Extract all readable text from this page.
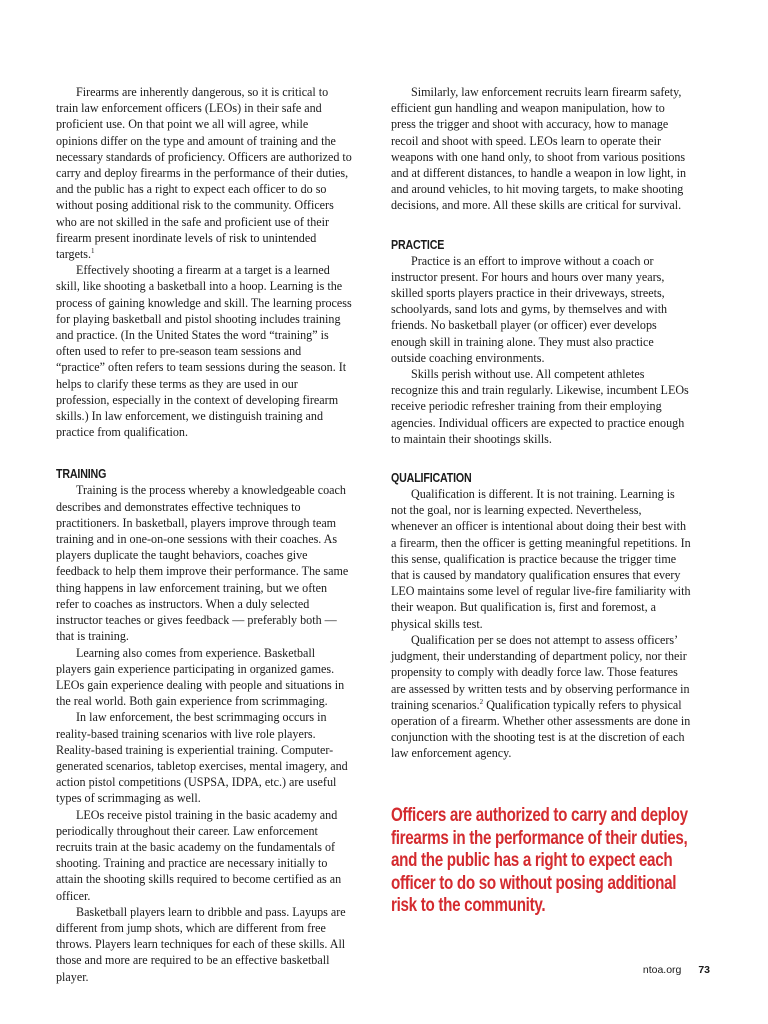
Firearms are inherently dangerous, so it is critical to train law enforcement officers (LEOs) in their safe and proficient use. On that point we all will agree, while opinions differ on the type and amount of training and the necessary standards of proficiency. Officers are authorized to carry and deploy firearms in the performance of their duties, and the public has a right to expect each officer to do so without posing additional risk to the community. Officers who are not skilled in the safe and proficient use of their firearm present inordinate levels of risk to unintended targets.$^1$

Effectively shooting a firearm at a target is a learned skill, like shooting a basketball into a hoop. Learning is the process of gaining knowledge and skill. The learning process for playing basketball and pistol shooting includes training and practice. (In the United States the word “training” is often used to refer to pre-season team sessions and “practice” often refers to team sessions during the season. It helps to clarify these terms as they are used in our profession, especially in the context of developing firearm skills.) In law enforcement, we distinguish training and practice from qualification.

TRAINING

Training is the process whereby a knowledgeable coach describes and demonstrates effective techniques to practitioners. In basketball, players improve through team training and in one-on-one sessions with their coaches. As players duplicate the taught behaviors, coaches give feedback to help them improve their performance. The same thing happens in law enforcement training, but we often refer to coaches as instructors. When a duly selected instructor teaches or gives feedback — preferably both — that is training.

Learning also comes from experience. Basketball players gain experience participating in organized games. LEOs gain experience dealing with people and situations in the real world. Both gain experience from scrimmaging.

In law enforcement, the best scrimmaging occurs in reality-based training scenarios with live role players. Reality-based training is experiential training. Computer-generated scenarios, tabletop exercises, mental imagery, and action pistol competitions (USPSA, IDPA, etc.) are useful types of scrimmaging as well.

LEOs receive pistol training in the basic academy and periodically throughout their career. Law enforcement recruits train at the basic academy on the fundamentals of shooting. Training and practice are necessary initially to attain the shooting skills required to become certified as an officer.

Basketball players learn to dribble and pass. Layups are different from jump shots, which are different from free throws. Players learn techniques for each of these skills. All those and more are required to be an effective basketball player.

Similarly, law enforcement recruits learn firearm safety, efficient gun handling and weapon manipulation, how to press the trigger and shoot with accuracy, how to manage recoil and shoot with speed. LEOs learn to operate their weapons with one hand only, to shoot from various positions and at different distances, to handle a weapon in low light, in and around vehicles, to hit moving targets, to make shooting decisions, and more. All these skills are critical for survival.

PRACTICE

Practice is an effort to improve without a coach or instructor present. For hours and hours over many years, skilled sports players practice in their driveways, streets, schoolyards, sand lots and gyms, by themselves and with friends. No basketball player (or officer) ever develops enough skill in training alone. They must also practice outside coaching environments.

Skills perish without use. All competent athletes recognize this and train regularly. Likewise, incumbent LEOs receive periodic refresher training from their employing agencies. Individual officers are expected to practice enough to maintain their shootings skills.

QUALIFICATION

Qualification is different. It is not training. Learning is not the goal, nor is learning expected. Nevertheless, whenever an officer is intentional about doing their best with a firearm, then the officer is getting meaningful repetitions. In this sense, qualification is practice because the trigger time that is caused by mandatory qualification ensures that every LEO maintains some level of regular live-fire familiarity with their weapon. But qualification is, first and foremost, a physical skills test.

Qualification per se does not attempt to assess officers’ judgment, their understanding of department policy, nor their propensity to comply with deadly force law. Those features are assessed by written tests and by observing performance in training scenarios.$^2$ Qualification typically refers to physical operation of a firearm. Whether other assessments are done in conjunction with the shooting test is at the discretion of each law enforcement agency.

Officers are authorized to carry and deploy
firearms in the performance of their duties,
and the public has a right to expect each
officer to do so without posing additional
risk to the community.
ntoa.org 73
